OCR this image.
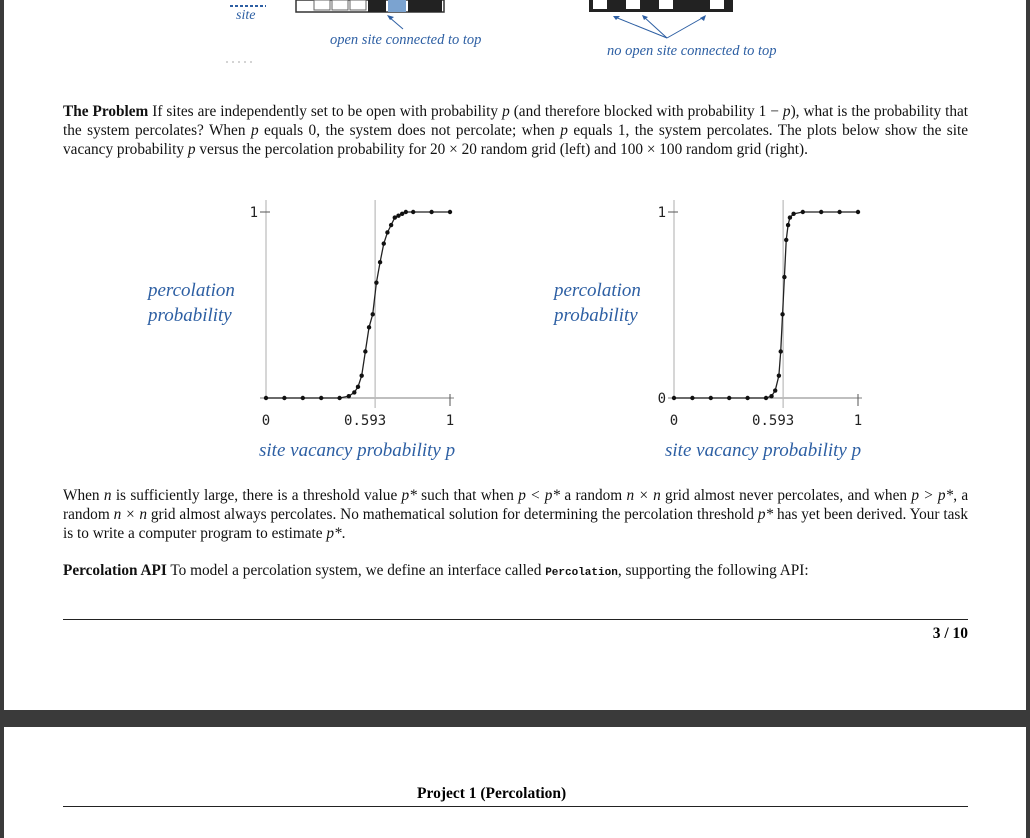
site
open site connected to top
no open site connected to top
The Problem If sites are independently set to be open with probability p (and therefore blocked with probability 1 − p), what is the probability that the system percolates? When p equals 0, the system does not percolate; when p equals 1, the system percolates. The plots below show the site vacancy probability p versus the percolation probability for 20 × 20 random grid (left) and 100 × 100 random grid (right).
0	0.593	1
1
percolation
probability
site vacancy probability p
0	0.593	1
0
1
percolation
probability
site vacancy probability p
When n is sufficiently large, there is a threshold value p* such that when p < p* a random n × n grid almost never percolates, and when p > p*, a random n × n grid almost always percolates. No mathematical solution for determining the percolation threshold p* has yet been derived. Your task is to write a computer program to estimate p*.
Percolation API To model a percolation system, we define an interface called Percolation, supporting the following API:
3 / 10
Project 1 (Percolation)
